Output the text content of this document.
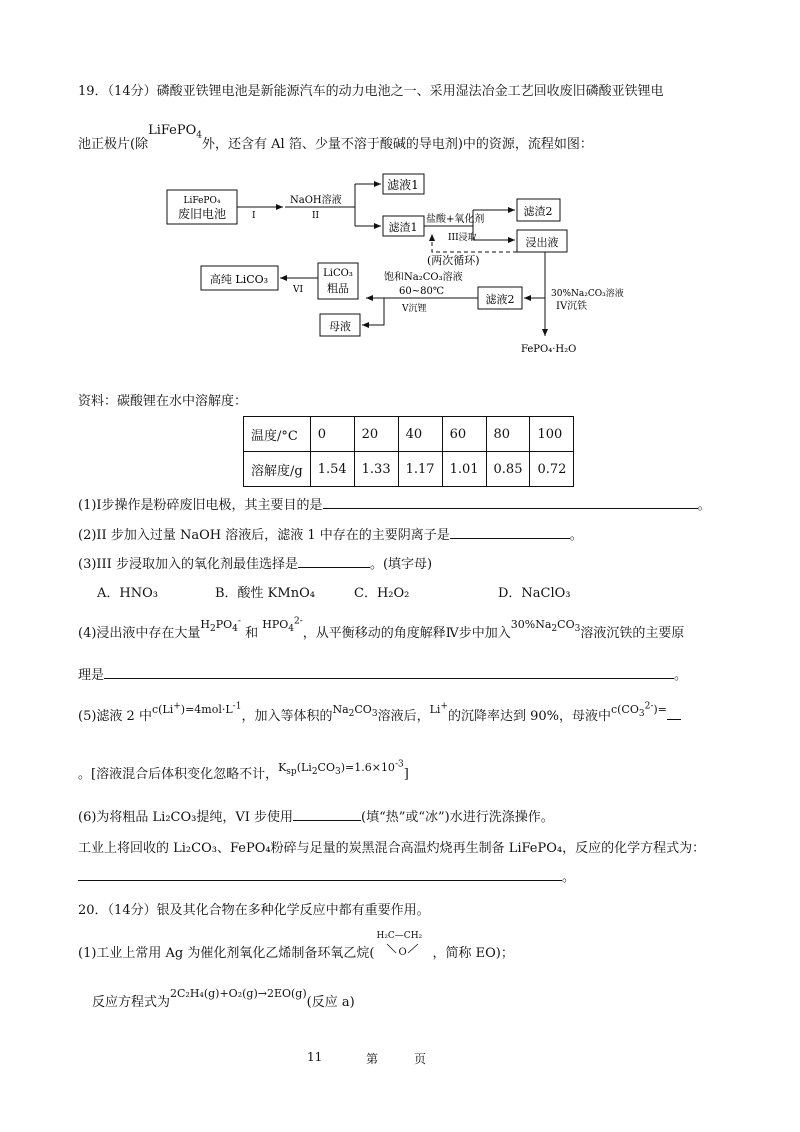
19．（14分）磷酸亚铁锂电池是新能源汽车的动力电池之一、采用湿法冶金工艺回收废旧磷酸亚铁锂电
池正极片(除LiFePO$_4$外，还含有 Al 箔、少量不溶于酸碱的导电剂)中的资源，流程如图：
LiFePO₄
废旧电池	I
NaOH溶液
II
滤液1
滤渣1
盐酸+氧化剂
III浸取
滤渣2
浸出液
(两次循环)
30%Na₂CO₃溶液
IV沉铁
FePO₄·H₂O
滤液2
饱和Na₂CO₃溶液
60~80℃
V沉锂
LiCO₃
粗品
母液
VI
高纯 LiCO₃
资料：碳酸锂在水中溶解度：
温度/°C	0	20	40	60	80	100
溶解度/g	1.54	1.33	1.17	1.01	0.85	0.72
(1)I步操作是粉碎废旧电极，其主要目的是	。
(2)II 步加入过量 NaOH 溶液后，滤液 1 中存在的主要阴离子是	。
(3)III 步浸取加入的氧化剂最佳选择是	。(填字母)
A．HNO₃	B．酸性 KMnO₄	C．H₂O₂	D．NaClO₃
(4)浸出液中存在大量$^{H_2PO_4^-}$ 和 $^{HPO_4^{2-}}$，从平衡移动的角度解释Ⅳ步中加入$^{30\%Na_2CO_3}$溶液沉铁的主要原
理是	。
(5)滤液 2 中$^{c(Li^+)=4mol\cdot L^{-1}}$，加入等体积的$^{Na_2CO_3}$溶液后，$^{Li^+}$的沉降率达到 90%，母液中$^{c(CO_3^{2-})=}$
。[溶液混合后体积变化忽略不计，$^{K_{sp}(Li_2CO_3)=1.6\times 10^{-3}}$]
(6)为将粗品 Li₂CO₃提纯，VI 步使用	(填“热”或“冰”)水进行洗涤操作。
工业上将回收的 Li₂CO₃、FePO₄粉碎与足量的炭黑混合高温灼烧再生制备 LiFePO₄，反应的化学方程式为：
。
20．（14分）银及其化合物在多种化学反应中都有重要作用。
(1)工业上常用 Ag 为催化剂氧化乙烯制备环氧乙烷(
H₂C—CH₂
O ，简称 EO)；
反应方程式为$^{2C_2H_4(g)+O_2(g)\to 2EO(g)}$(反应 a)
11	第	页
